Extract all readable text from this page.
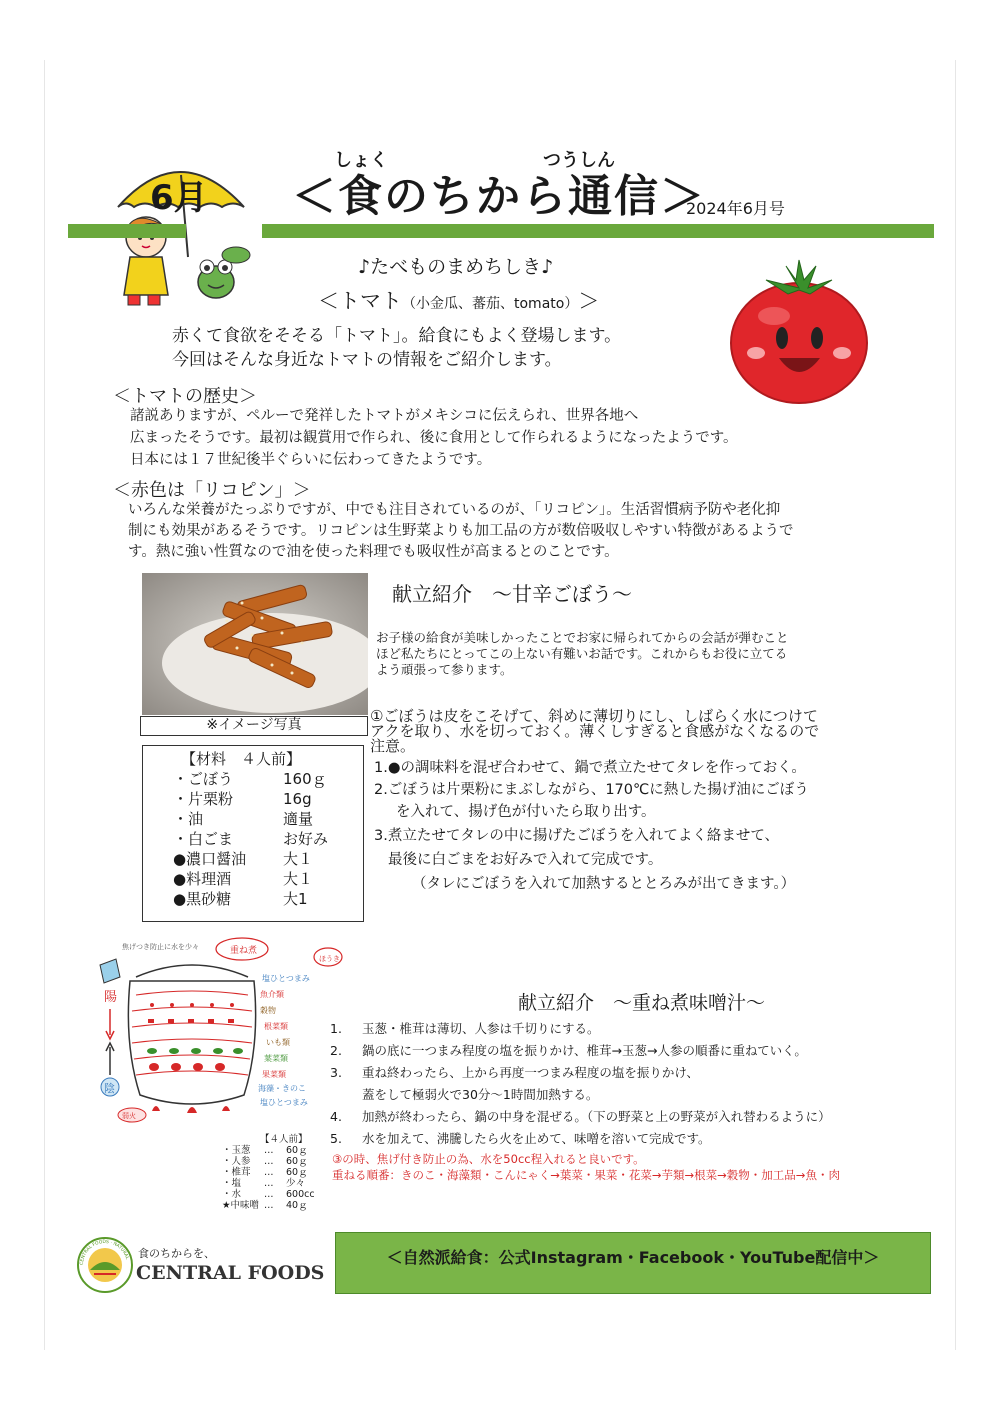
6月
しょく	つうしん
＜食のちから通信＞
2024年6月号
♪たべものまめちしき♪
＜トマト（小金瓜、蕃茄、tomato）＞
赤くて食欲をそそる「トマト」。給食にもよく登場します。
今回はそんな身近なトマトの情報をご紹介します。
＜トマトの歴史＞
諸説ありますが、ペルーで発祥したトマトがメキシコに伝えられ、世界各地へ
広まったそうです。最初は観賞用で作られ、後に食用として作られるようになったようです。
日本には１７世紀後半ぐらいに伝わってきたようです。
＜赤色は「リコピン」＞
いろんな栄養がたっぷりですが、中でも注目されているのが、「リコピン」。生活習慣病予防や老化抑
制にも効果があるそうです。リコピンは生野菜よりも加工品の方が数倍吸収しやすい特徴があるようで
す。熱に強い性質なので油を使った料理でも吸収性が高まるとのことです。
※イメージ写真
【材料　４人前】
・ごぼう	160ｇ
・片栗粉	16g
・油	適量
・白ごま	お好み
●濃口醤油	大１
●料理酒	大１
●黒砂糖	大1
献立紹介　～甘辛ごぼう～
お子様の給食が美味しかったことでお家に帰られてからの会話が弾むこと
ほど私たちにとってこの上ない有難いお話です。これからもお役に立てる
よう頑張って参ります。
①ごぼうは皮をこそげて、斜めに薄切りにし、しばらく水につけて
アクを取り、水を切っておく。薄くしすぎると食感がなくなるので
注意。
1.●の調味料を混ぜ合わせて、鍋で煮立たせてタレを作っておく。
2.ごぼうは片栗粉にまぶしながら、170℃に熱した揚げ油にごぼう
を入れて、揚げ色が付いたら取り出す。
3.煮立たせてタレの中に揚げたごぼうを入れてよく絡ませて、
最後に白ごまをお好みで入れて完成です。
（タレにごぼうを入れて加熱するととろみが出てきます。）
焦げつき防止に水を少々	重ね煮
ほうき
陽
陰
弱火
塩ひとつまみ
魚介類
穀物
根菜類
いも類
葉菜類
果菜類
海藻・きのこ
塩ひとつまみ
【４人前】
・玉葱	…	60ｇ
・人参	…	60ｇ
・椎茸	…	60ｇ
・塩	…	少々
・水	…	600cc
★中味噌 …	40ｇ
献立紹介　～重ね煮味噌汁～
1. 玉葱・椎茸は薄切、人参は千切りにする。
2. 鍋の底に一つまみ程度の塩を振りかけ、椎茸→玉葱→人参の順番に重ねていく。
3. 重ね終わったら、上から再度一つまみ程度の塩を振りかけ、
蓋をして極弱火で30分～1時間加熱する。
4. 加熱が終わったら、鍋の中身を混ぜる。（下の野菜と上の野菜が入れ替わるように）
5. 水を加えて、沸騰したら火を止めて、味噌を溶いて完成です。
③の時、焦げ付き防止の為、水を50cc程入れると良いです。
重ねる順番：きのこ・海藻類・こんにゃく→葉菜・果菜・花菜→芋類→根菜→穀物・加工品→魚・肉
CENTRAL FOODS · NATURAL 食のちからを、
CENTRAL FOODS
＜自然派給食：公式Instagram・Facebook・YouTube配信中＞
